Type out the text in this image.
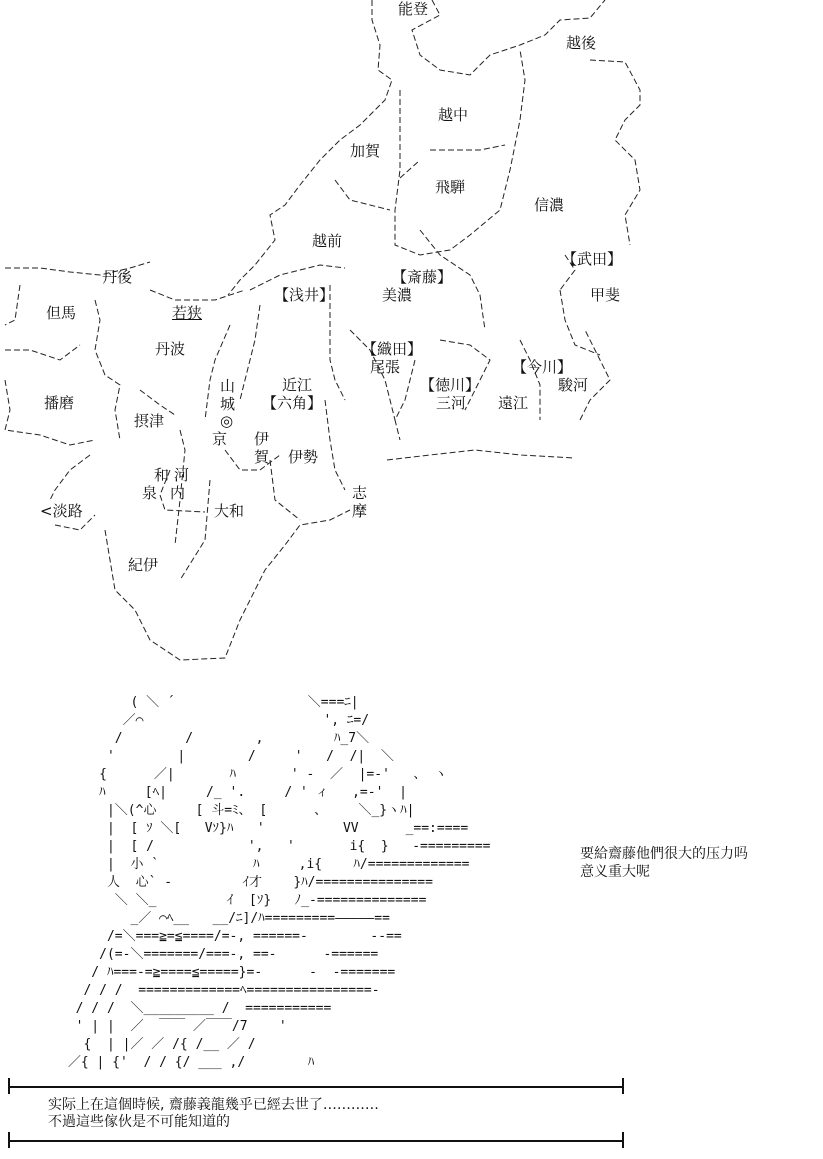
能登
越後
越中
加賀
飛騨
信濃
越前
丹後
但馬	若狭
美濃	甲斐
丹波
尾張
駿河
播磨
山
城
近江
三河 遠江
摂津
京 伊
賀 伊勢
和 河
泉 内
<淡路	大和
志
摩
紀伊
【武田】
【斎藤】
【浅井】
【織田】
【今川】
【徳川】
【六角】
◎
( ＼ ´                 ＼===ﾆ|
／⌒                       ', ﾆ=/
/        /        ,         ﾊ_7＼
'        |        /     '   /  /|  ＼
{      ／|       ﾊ       ' ‐  ／  |=-'   、 ヽ
ﾊ     [ﾍ|     /_ '.     / ' ィ   ,=-'  |
|＼(^心     [ 斗=ﾐ、 [      、    ＼_}ヽﾊ|
|  [ ｿ ＼[   Vｿ}ﾊ   '          VV      _==:====
|  [ /            ',   '       i{  }   -=========
|  小 `            ﾊ     ,i{    ﾊ/=============
人  心` -         ｲ才    }ﾊ/===============
＼ ＼_         ｲ  [ｿ}   ﾉ_-==============
_／ ⌒ﾍ__   __/ﾆ]/ﾊ=========―――――==
/=＼===≧=≦====/=-, ======-        --==
/(=-＼=======/===-, ==-      -======
/ ﾊ===-=≧====≦=====}=-      -  -=======
/ / /  =============ﾍ================-
/ / /  ＼_________ /  ===========
' | |  ／  ￣￣ ／￣￣/7    '
{  | |／ ／ /{ /__ ／ /
／{ | {'  / / {/ ___ ,/        ﾊ
要給齋藤他們很大的压力吗
意义重大呢
实际上在這個時候, 齋藤義龍幾乎已經去世了…………
不過這些傢伙是不可能知道的
